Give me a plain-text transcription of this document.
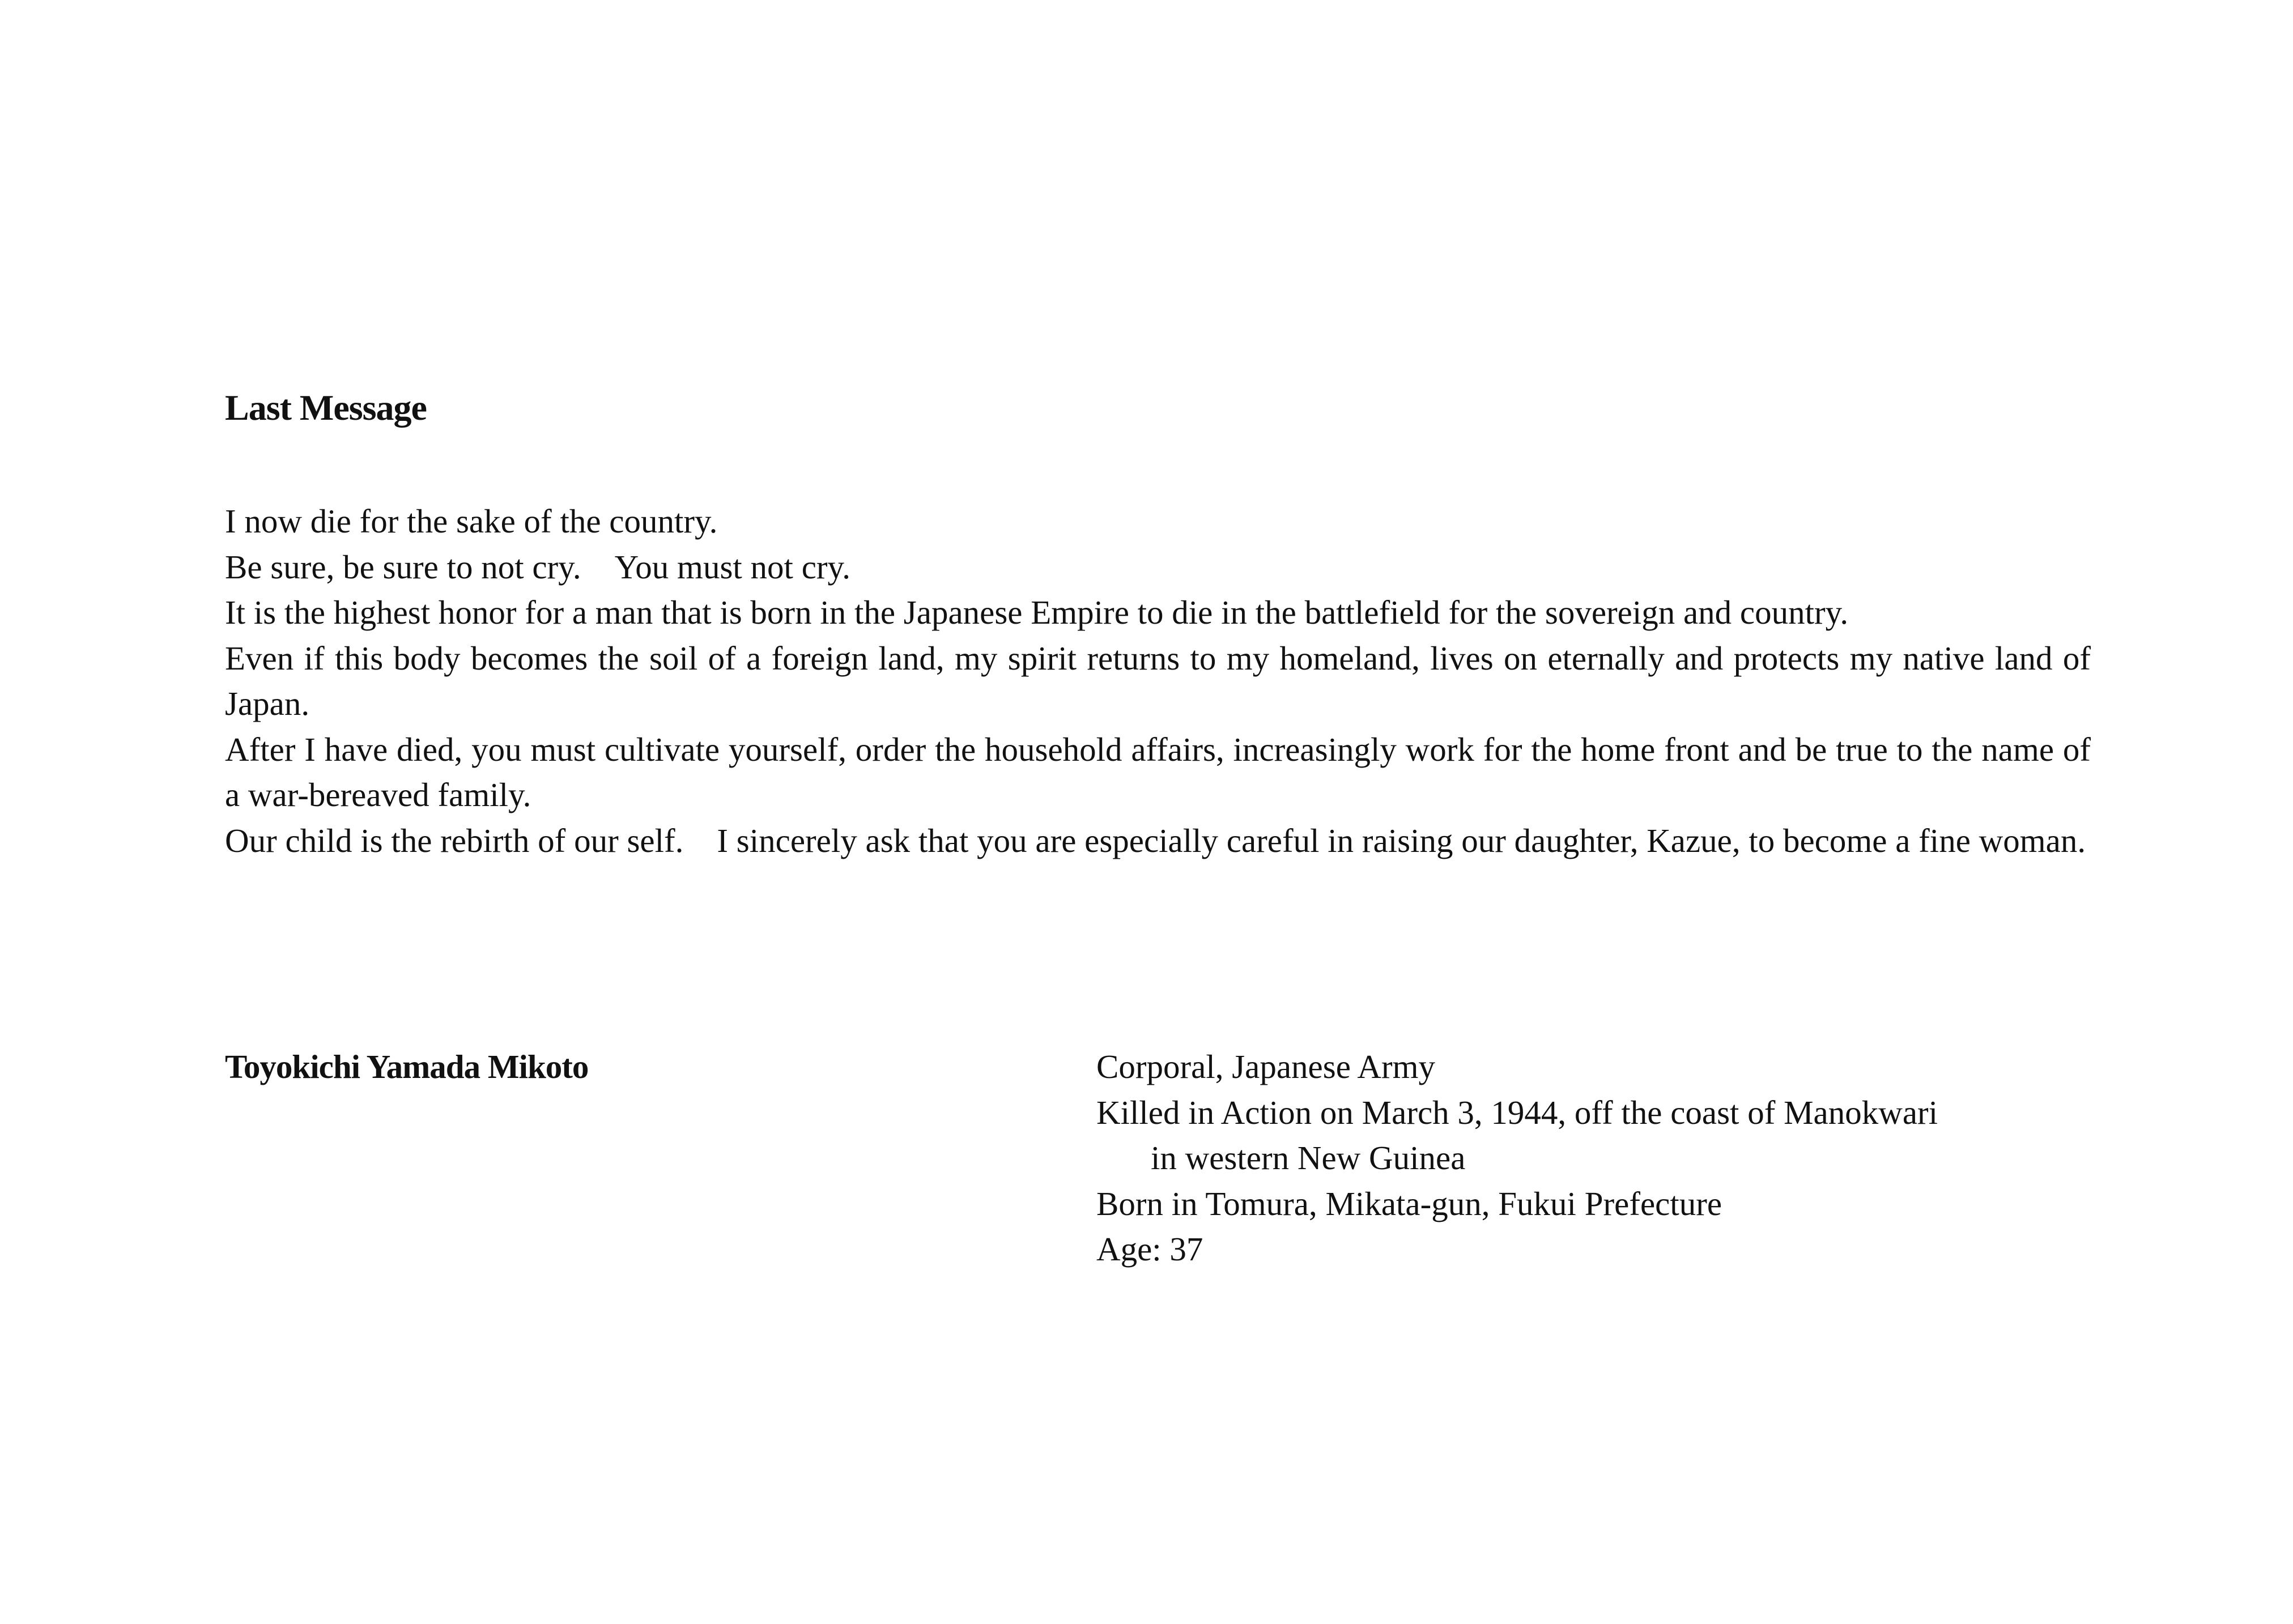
Last Message

I now die for the sake of the country.

Be sure, be sure to not cry.　You must not cry.

It is the highest honor for a man that is born in the Japanese Empire to die in the battlefield for the sovereign and country.

Even if this body becomes the soil of a foreign land, my spirit returns to my homeland, lives on eternally and protects my native land of Japan.

After I have died, you must cultivate yourself, order the household affairs, increasingly work for the home front and be true to the name of a war-bereaved family.

Our child is the rebirth of our self.　I sincerely ask that you are especially careful in raising our daughter, Kazue, to become a fine woman.

Toyokichi Yamada Mikoto	Corporal, Japanese Army
Killed in Action on March 3, 1944, off the coast of Manokwari
in western New Guinea
Born in Tomura, Mikata-gun, Fukui Prefecture
Age: 37
